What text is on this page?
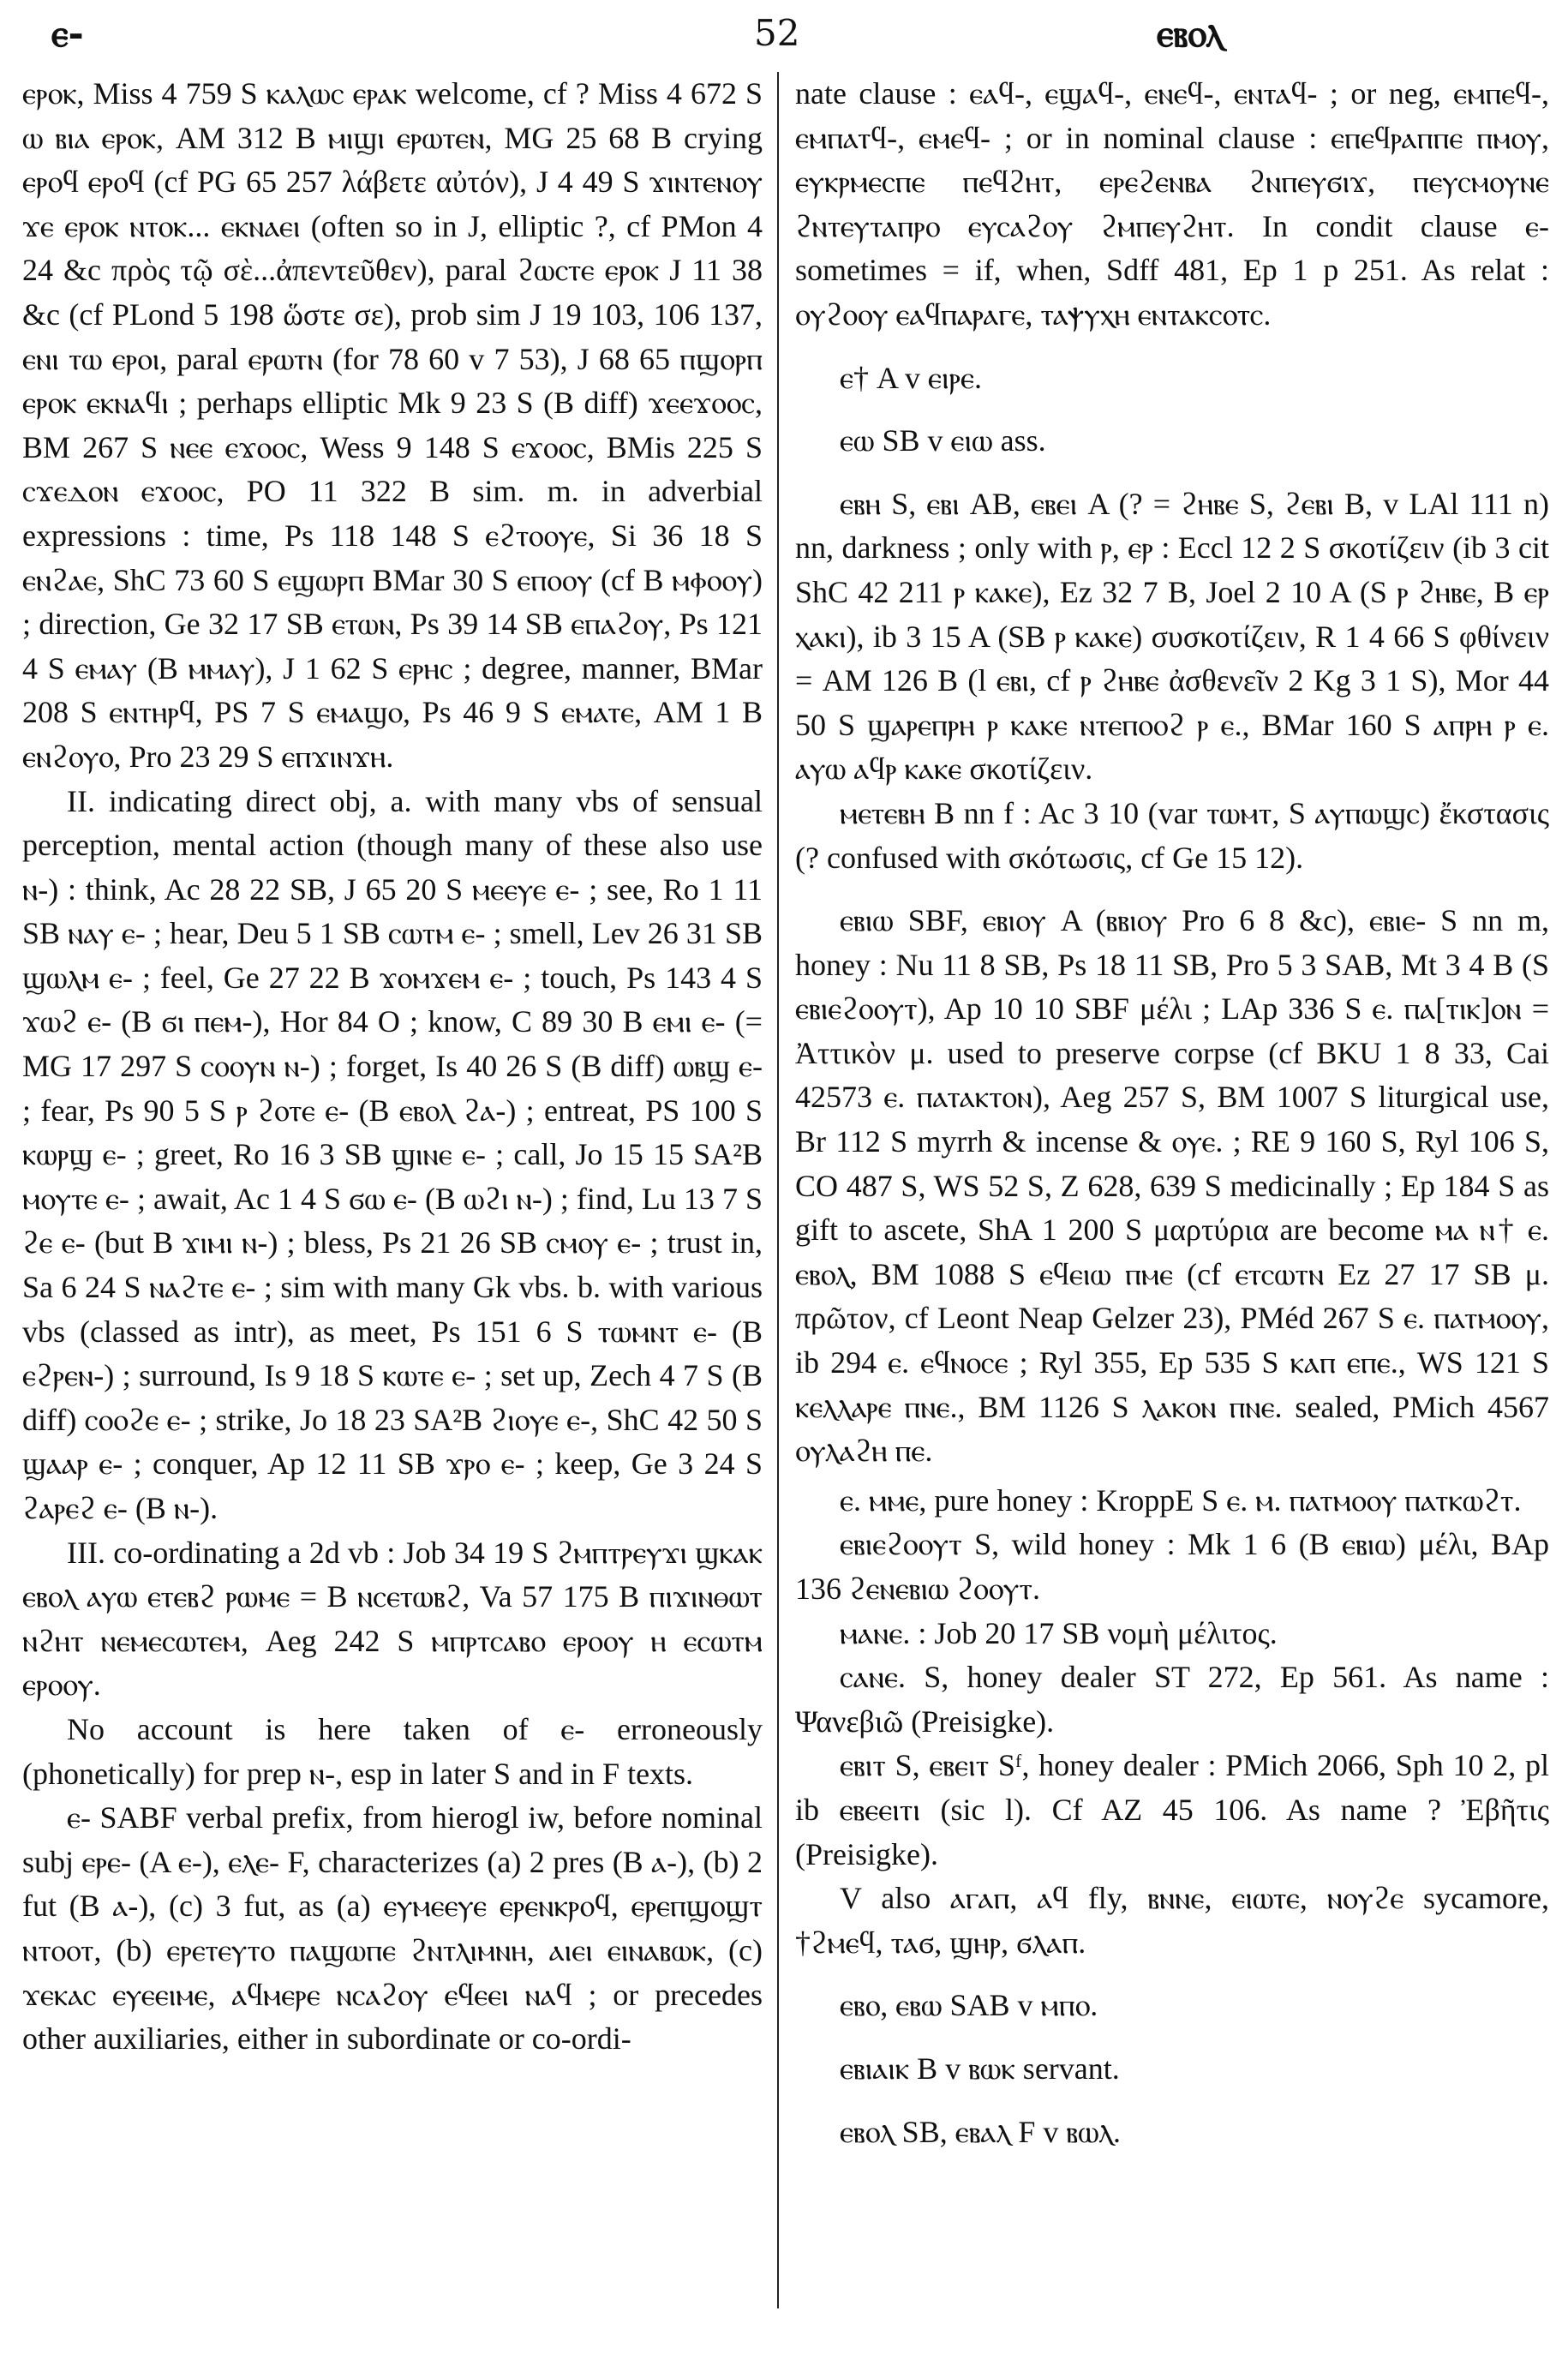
ⲉ-	52	ⲉⲃⲟⲗ

ⲉⲣⲟⲕ, Miss 4 759 S ⲕⲁⲗⲱⲥ ⲉⲣⲁⲕ welcome, cf ? Miss 4 672 S ⲱ ⲃⲓⲁ ⲉⲣⲟⲕ, AM 312 B ⲙⲓϣⲓ ⲉⲣⲱⲧⲉⲛ, MG 25 68 B crying ⲉⲣⲟϥ ⲉⲣⲟϥ (cf PG 65 257 λάβετε αὐτόν), J 4 49 S ϫⲓⲛⲧⲉⲛⲟⲩ ϫⲉ ⲉⲣⲟⲕ ⲛⲧⲟⲕ... ⲉⲕⲛⲁⲉⲓ (often so in J, elliptic ?, cf PMon 4 24 &c πρὸς τῷ σὲ...ἀπεντεῦθεν), paral ϩⲱⲥⲧⲉ ⲉⲣⲟⲕ J 11 38 &c (cf PLond 5 198 ὥστε σε), prob sim J 19 103, 106 137, ⲉⲛⲓ ⲧⲱ ⲉⲣⲟⲓ, paral ⲉⲣⲱⲧⲛ (for 78 60 v 7 53), J 68 65 ⲡϣⲟⲣⲡ ⲉⲣⲟⲕ ⲉⲕⲛⲁϥⲓ ; perhaps elliptic Mk 9 23 S (B diff) ϫⲉⲉϫⲟⲟⲥ, BM 267 S ⲛⲉⲉ ⲉϫⲟⲟⲥ, Wess 9 148 S ⲉϫⲟⲟⲥ, BMis 225 S ⲥϫⲉⲇⲟⲛ ⲉϫⲟⲟⲥ, PO 11 322 B sim. m. in adverbial expressions : time, Ps 118 148 S ⲉϩⲧⲟⲟⲩⲉ, Si 36 18 S ⲉⲛϩⲁⲉ, ShC 73 60 S ⲉϣⲱⲣⲡ BMar 30 S ⲉⲡⲟⲟⲩ (cf B ⲙⲫⲟⲟⲩ) ; direction, Ge 32 17 SB ⲉⲧⲱⲛ, Ps 39 14 SB ⲉⲡⲁϩⲟⲩ, Ps 121 4 S ⲉⲙⲁⲩ (B ⲙⲙⲁⲩ), J 1 62 S ⲉⲣⲏⲥ ; degree, manner, BMar 208 S ⲉⲛⲧⲏⲣϥ, PS 7 S ⲉⲙⲁϣⲟ, Ps 46 9 S ⲉⲙⲁⲧⲉ, AM 1 B ⲉⲛϩⲟⲩⲟ, Pro 23 29 S ⲉⲡϫⲓⲛϫⲏ.

II. indicating direct obj, a. with many vbs of sensual perception, mental action (though many of these also use ⲛ-) : think, Ac 28 22 SB, J 65 20 S ⲙⲉⲉⲩⲉ ⲉ- ; see, Ro 1 11 SB ⲛⲁⲩ ⲉ- ; hear, Deu 5 1 SB ⲥⲱⲧⲙ ⲉ- ; smell, Lev 26 31 SB ϣⲱⲗⲙ ⲉ- ; feel, Ge 27 22 B ϫⲟⲙϫⲉⲙ ⲉ- ; touch, Ps 143 4 S ϫⲱϩ ⲉ- (B ϭⲓ ⲡⲉⲙ-), Hor 84 O ; know, C 89 30 B ⲉⲙⲓ ⲉ- (= MG 17 297 S ⲥⲟⲟⲩⲛ ⲛ-) ; forget, Is 40 26 S (B diff) ⲱⲃϣ ⲉ- ; fear, Ps 90 5 S ⲣ ϩⲟⲧⲉ ⲉ- (B ⲉⲃⲟⲗ ϩⲁ-) ; entreat, PS 100 S ⲕⲱⲣϣ ⲉ- ; greet, Ro 16 3 SB ϣⲓⲛⲉ ⲉ- ; call, Jo 15 15 SA²B ⲙⲟⲩⲧⲉ ⲉ- ; await, Ac 1 4 S ϭⲱ ⲉ- (B ⲱϩⲓ ⲛ-) ; find, Lu 13 7 S ϩⲉ ⲉ- (but B ϫⲓⲙⲓ ⲛ-) ; bless, Ps 21 26 SB ⲥⲙⲟⲩ ⲉ- ; trust in, Sa 6 24 S ⲛⲁϩⲧⲉ ⲉ- ; sim with many Gk vbs. b. with various vbs (classed as intr), as meet, Ps 151 6 S ⲧⲱⲙⲛⲧ ⲉ- (B ⲉϩⲣⲉⲛ-) ; surround, Is 9 18 S ⲕⲱⲧⲉ ⲉ- ; set up, Zech 4 7 S (B diff) ⲥⲟⲟϩⲉ ⲉ- ; strike, Jo 18 23 SA²B ϩⲓⲟⲩⲉ ⲉ-, ShC 42 50 S ϣⲁⲁⲣ ⲉ- ; conquer, Ap 12 11 SB ϫⲣⲟ ⲉ- ; keep, Ge 3 24 S ϩⲁⲣⲉϩ ⲉ- (B ⲛ-).

III. co-ordinating a 2d vb : Job 34 19 S ϩⲙⲡⲧⲣⲉⲩϫⲓ ϣⲕⲁⲕ ⲉⲃⲟⲗ ⲁⲩⲱ ⲉⲧⲉⲃϩ ⲣⲱⲙⲉ = B ⲛⲥⲉⲧⲱⲃϩ, Va 57 175 B ⲡⲓϫⲓⲛⲑⲱⲧ ⲛϩⲏⲧ ⲛⲉⲙⲉⲥⲱⲧⲉⲙ, Aeg 242 S ⲙⲡⲣⲧⲥⲁⲃⲟ ⲉⲣⲟⲟⲩ ⲏ ⲉⲥⲱⲧⲙ ⲉⲣⲟⲟⲩ.

No account is here taken of ⲉ- erroneously (phonetically) for prep ⲛ-, esp in later S and in F texts.

ⲉ- SABF verbal prefix, from hierogl iw, before nominal subj ⲉⲣⲉ- (A ⲉ-), ⲉⲗⲉ- F, characterizes (a) 2 pres (B ⲁ-), (b) 2 fut (B ⲁ-), (c) 3 fut, as (a) ⲉⲩⲙⲉⲉⲩⲉ ⲉⲣⲉⲛⲕⲣⲟϥ, ⲉⲣⲉⲡϣⲟϣⲧ ⲛⲧⲟⲟⲧ, (b) ⲉⲣⲉⲧⲉⲩⲧⲟ ⲡⲁϣⲱⲡⲉ ϩⲛⲧⲗⲓⲙⲛⲏ, ⲁⲓⲉⲓ ⲉⲓⲛⲁⲃⲱⲕ, (c) ϫⲉⲕⲁⲥ ⲉⲩⲉⲉⲓⲙⲉ, ⲁϥⲙⲉⲣⲉ ⲛⲥⲁϩⲟⲩ ⲉϥⲉⲉⲓ ⲛⲁϥ ; or precedes other auxiliaries, either in subordinate or co-ordi-

nate clause : ⲉⲁϥ-, ⲉϣⲁϥ-, ⲉⲛⲉϥ-, ⲉⲛⲧⲁϥ- ; or neg, ⲉⲙⲡⲉϥ-, ⲉⲙⲡⲁⲧϥ-, ⲉⲙⲉϥ- ; or in nominal clause : ⲉⲡⲉϥⲣⲁⲡⲡⲉ ⲡⲙⲟⲩ, ⲉⲩⲕⲣⲙⲉⲥⲡⲉ ⲡⲉϥϩⲏⲧ, ⲉⲣⲉϩⲉⲛⲃⲁ ϩⲛⲡⲉⲩϭⲓϫ, ⲡⲉⲩⲥⲙⲟⲩⲛⲉ ϩⲛⲧⲉⲩⲧⲁⲡⲣⲟ ⲉⲩⲥⲁϩⲟⲩ ϩⲙⲡⲉⲩϩⲏⲧ. In condit clause ⲉ- sometimes = if, when, Sdff 481, Ep 1 p 251. As relat : ⲟⲩϩⲟⲟⲩ ⲉⲁϥⲡⲁⲣⲁⲅⲉ, ⲧⲁⲯⲩⲭⲏ ⲉⲛⲧⲁⲕⲥⲟⲧⲥ.

ⲉ† A v ⲉⲓⲣⲉ.

ⲉⲱ SB v ⲉⲓⲱ ass.

ⲉⲃⲏ S, ⲉⲃⲓ AB, ⲉⲃⲉⲓ A (? = ϩⲏⲃⲉ S, ϩⲉⲃⲓ B, v LAl 111 n) nn, darkness ; only with ⲣ, ⲉⲣ : Eccl 12 2 S σκοτίζειν (ib 3 cit ShC 42 211 ⲣ ⲕⲁⲕⲉ), Ez 32 7 B, Joel 2 10 A (S ⲣ ϩⲏⲃⲉ, B ⲉⲣ ⲭⲁⲕⲓ), ib 3 15 A (SB ⲣ ⲕⲁⲕⲉ) συσκοτίζειν, R 1 4 66 S φθίνειν = AM 126 B (l ⲉⲃⲓ, cf ⲣ ϩⲏⲃⲉ ἀσθενεῖν 2 Kg 3 1 S), Mor 44 50 S ϣⲁⲣⲉⲡⲣⲏ ⲣ ⲕⲁⲕⲉ ⲛⲧⲉⲡⲟⲟϩ ⲣ ⲉ., BMar 160 S ⲁⲡⲣⲏ ⲣ ⲉ. ⲁⲩⲱ ⲁϥⲣ ⲕⲁⲕⲉ σκοτίζειν.

ⲙⲉⲧⲉⲃⲏ B nn f : Ac 3 10 (var ⲧⲱⲙⲧ, S ⲁⲩⲡⲱϣⲥ) ἔκστασις (? confused with σκότωσις, cf Ge 15 12).

ⲉⲃⲓⲱ SBF, ⲉⲃⲓⲟⲩ A (ⲃⲃⲓⲟⲩ Pro 6 8 &c), ⲉⲃⲓⲉ- S nn m, honey : Nu 11 8 SB, Ps 18 11 SB, Pro 5 3 SAB, Mt 3 4 B (S ⲉⲃⲓⲉϩⲟⲟⲩⲧ), Ap 10 10 SBF μέλι ; LAp 336 S ⲉ. ⲡⲁ[ⲧⲓⲕ]ⲟⲛ = Ἀττικὸν μ. used to preserve corpse (cf BKU 1 8 33, Cai 42573 ⲉ. ⲡⲁⲧⲁⲕⲧⲟⲛ), Aeg 257 S, BM 1007 S liturgical use, Br 112 S myrrh & incense & ⲟⲩⲉ. ; RE 9 160 S, Ryl 106 S, CO 487 S, WS 52 S, Z 628, 639 S medicinally ; Ep 184 S as gift to ascete, ShA 1 200 S μαρτύρια are become ⲙⲁ ⲛ† ⲉ. ⲉⲃⲟⲗ, BM 1088 S ⲉϥⲉⲓⲱ ⲡⲙⲉ (cf ⲉⲧⲥⲱⲧⲛ Ez 27 17 SB μ. πρῶτον, cf Leont Neap Gelzer 23), PMéd 267 S ⲉ. ⲡⲁⲧⲙⲟⲟⲩ, ib 294 ⲉ. ⲉϥⲛⲟⲥⲉ ; Ryl 355, Ep 535 S ⲕⲁⲡ ⲉⲡⲉ., WS 121 S ⲕⲉⲗⲗⲁⲣⲉ ⲡⲛⲉ., BM 1126 S ⲗⲁⲕⲟⲛ ⲡⲛⲉ. sealed, PMich 4567 ⲟⲩⲗⲁϩⲏ ⲡⲉ.

ⲉ. ⲙⲙⲉ, pure honey : KroppE S ⲉ. ⲙ. ⲡⲁⲧⲙⲟⲟⲩ ⲡⲁⲧⲕⲱϩⲧ.

ⲉⲃⲓⲉϩⲟⲟⲩⲧ S, wild honey : Mk 1 6 (B ⲉⲃⲓⲱ) μέλι, BAp 136 ϩⲉⲛⲉⲃⲓⲱ ϩⲟⲟⲩⲧ.

ⲙⲁⲛⲉ. : Job 20 17 SB νομὴ μέλιτος.

ⲥⲁⲛⲉ. S, honey dealer ST 272, Ep 561. As name : Ψανεβιῶ (Preisigke).

ⲉⲃⲓⲧ S, ⲉⲃⲉⲓⲧ Sᶠ, honey dealer : PMich 2066, Sph 10 2, pl ib ⲉⲃⲉⲉⲓⲧⲓ (sic l). Cf AZ 45 106. As name ? Ἐβῆτις (Preisigke).

V also ⲁⲅⲁⲡ, ⲁϥ fly, ⲃⲛⲛⲉ, ⲉⲓⲱⲧⲉ, ⲛⲟⲩϩⲉ sycamore, †ϩⲙⲉϥ, ⲧⲁϭ, ϣⲏⲣ, ϭⲗⲁⲡ.

ⲉⲃⲟ, ⲉⲃⲱ SAB v ⲙⲡⲟ.

ⲉⲃⲓⲁⲓⲕ B v ⲃⲱⲕ servant.

ⲉⲃⲟⲗ SB, ⲉⲃⲁⲗ F v ⲃⲱⲗ.
